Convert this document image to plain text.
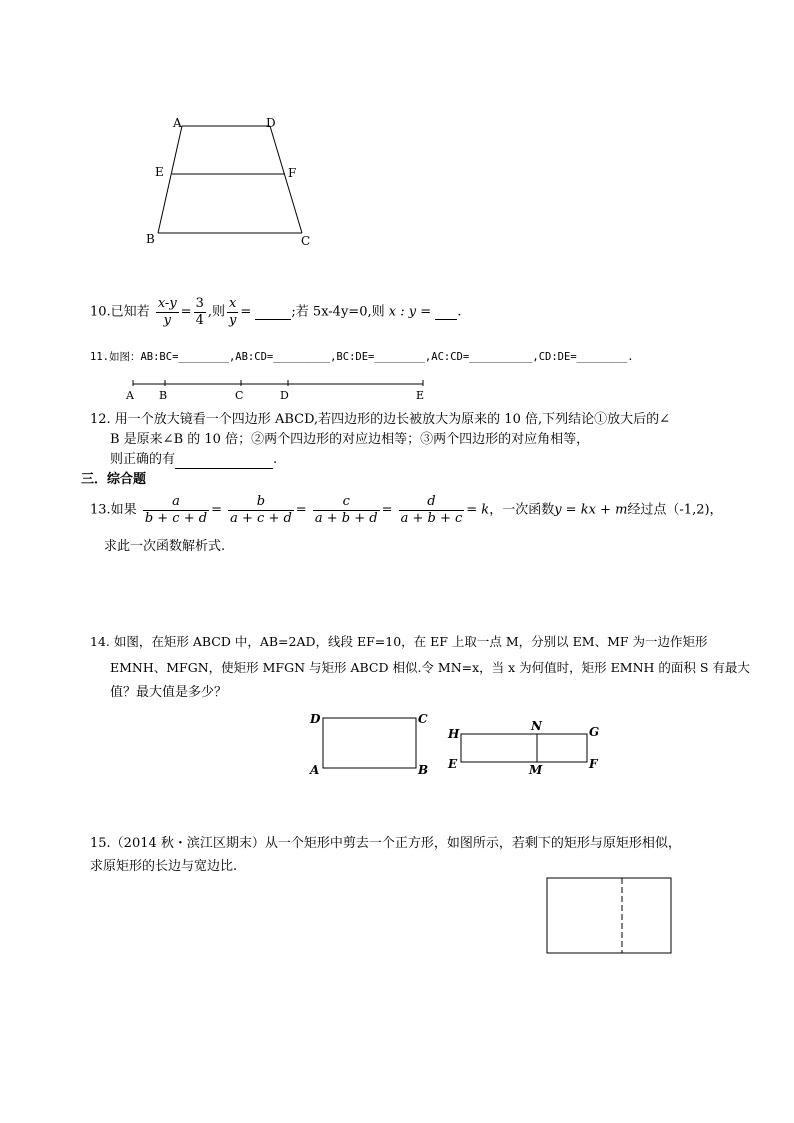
A	D
E	F
B	C
10.已知若 $\frac{x-y}{y} = \frac{3}{4}$ ,则 $\frac{x}{y}$ =	;若 5x-4y=0,则 x : y = .
11.如图：AB:BC=________,AB:CD=_________,BC:DE=________,AC:CD=__________,CD:DE=________.
A B	C	D	E
12. 用一个放大镜看一个四边形 ABCD,若四边形的边长被放大为原来的 10 倍,下列结论①放大后的∠
B 是原来∠B 的 10 倍；②两个四边形的对应边相等；③两个四边形的对应角相等，
则正确的有	.
三．综合题
13.如果 $\frac{a}{b + c + d} = \frac{b}{a + c + d} = \frac{c}{a + b + d} = \frac{d}{a + b + c} = k$，一次函数y = kx + m经过点（-1,2)，
求此一次函数解析式.
14. 如图，在矩形 ABCD 中，AB=2AD，线段 EF=10，在 EF 上取一点 M，分别以 EM、MF 为一边作矩形
EMNH、MFGN，使矩形 MFGN 与矩形 ABCD 相似.令 MN=x，当 x 为何值时，矩形 EMNH 的面积 S 有最大
值？最大值是多少？
D	C
A	B
H
N	G
E	M	F
15.（2014 秋・滨江区期末）从一个矩形中剪去一个正方形，如图所示，若剩下的矩形与原矩形相似，
求原矩形的长边与宽边比.
